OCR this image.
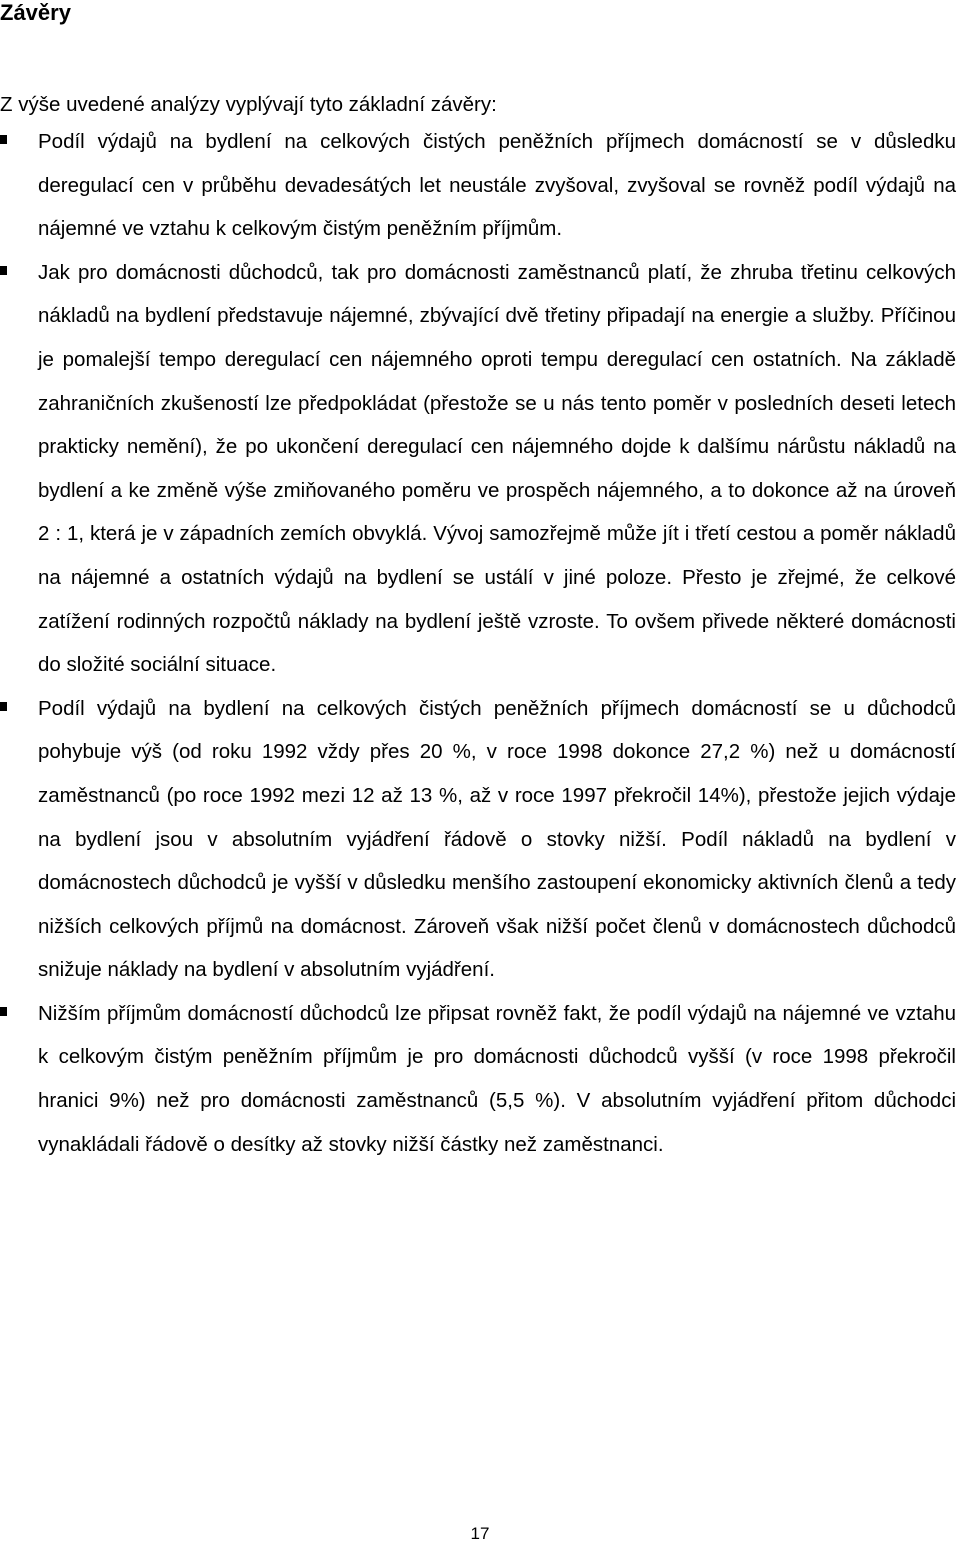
Závěry

Z výše uvedené analýzy vyplývají tyto základní závěry:

Podíl výdajů na bydlení na celkových čistých peněžních příjmech domácností se v důsledku deregulací cen v průběhu devadesátých let neustále zvyšoval, zvyšoval se rovněž podíl výdajů na nájemné ve vztahu k celkovým čistým peněžním příjmům.
Jak pro domácnosti důchodců, tak pro domácnosti zaměstnanců platí, že zhruba třetinu celkových nákladů na bydlení představuje nájemné, zbývající dvě třetiny připadají na energie a služby. Příčinou je pomalejší tempo deregulací cen nájemného oproti tempu deregulací cen ostatních. Na základě zahraničních zkušeností lze předpokládat (přestože se u nás tento poměr v posledních deseti letech prakticky nemění), že po ukončení deregulací cen nájemného dojde k dalšímu nárůstu nákladů na bydlení a ke změně výše zmiňovaného poměru ve prospěch nájemného, a to dokonce až na úroveň 2 : 1, která je v západních zemích obvyklá. Vývoj samozřejmě může jít i třetí cestou a poměr nákladů na nájemné a ostatních výdajů na bydlení se ustálí v jiné poloze. Přesto je zřejmé, že celkové zatížení rodinných rozpočtů náklady na bydlení ještě vzroste. To ovšem přivede některé domácnosti do složité sociální situace.
Podíl výdajů na bydlení na celkových čistých peněžních příjmech domácností se u důchodců pohybuje výš (od roku 1992 vždy přes 20 %, v roce 1998 dokonce 27,2 %) než u domácností zaměstnanců (po roce 1992 mezi 12 až 13 %, až v roce 1997 překročil 14%), přestože jejich výdaje na bydlení jsou v absolutním vyjádření řádově o stovky nižší. Podíl nákladů na bydlení v domácnostech důchodců je vyšší v důsledku menšího zastoupení ekonomicky aktivních členů a tedy nižších celkových příjmů na domácnost. Zároveň však nižší počet členů v domácnostech důchodců snižuje náklady na bydlení v absolutním vyjádření.
Nižším příjmům domácností důchodců lze připsat rovněž fakt, že podíl výdajů na nájemné ve vztahu k celkovým čistým peněžním příjmům je pro domácnosti důchodců vyšší (v roce 1998 překročil hranici 9%) než pro domácnosti zaměstnanců (5,5 %). V absolutním vyjádření přitom důchodci vynakládali řádově o desítky až stovky nižší částky než zaměstnanci.

17
